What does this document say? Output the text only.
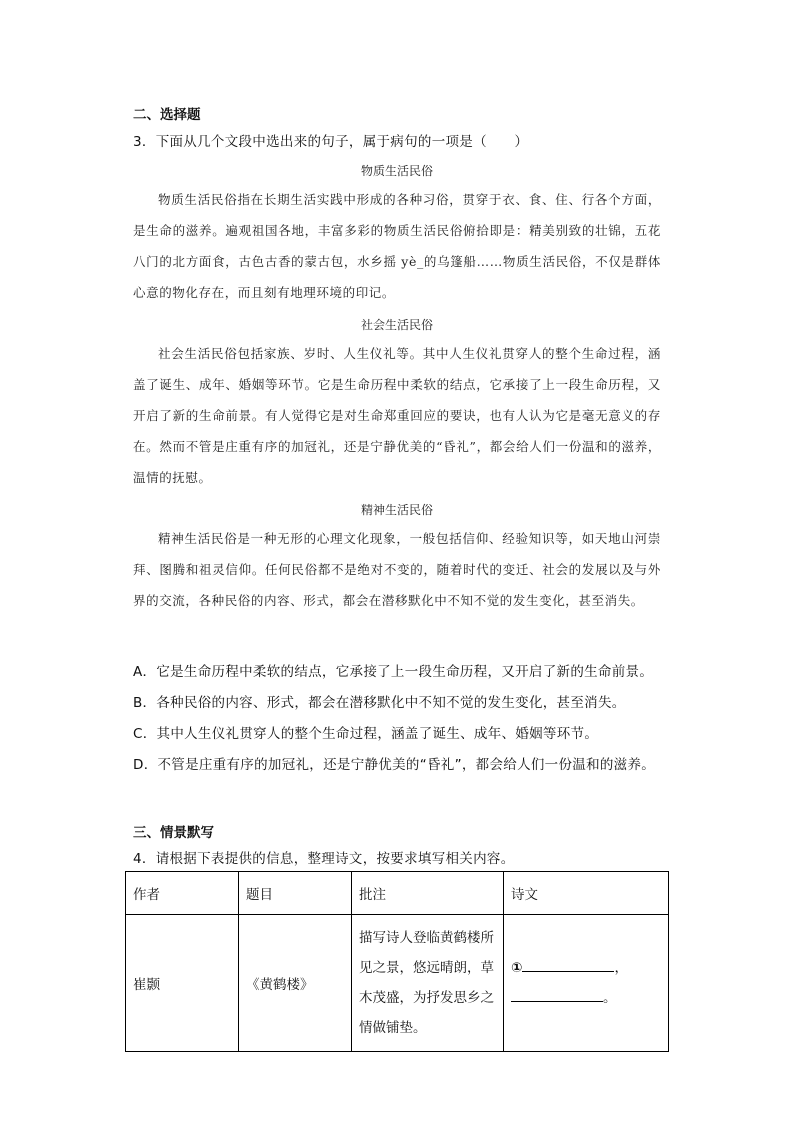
二、选择题
3．下面从几个文段中选出来的句子，属于病句的一项是（　　）
物质生活民俗
物质生活民俗指在长期生活实践中形成的各种习俗，贯穿于衣、食、住、行各个方面，是生命的滋养。遍观祖国各地，丰富多彩的物质生活民俗俯拾即是：精美别致的壮锦，五花八门的北方面食，古色古香的蒙古包，水乡摇 yè_的乌篷船……物质生活民俗，不仅是群体心意的物化存在，而且刻有地理环境的印记。
社会生活民俗
社会生活民俗包括家族、岁时、人生仪礼等。其中人生仪礼贯穿人的整个生命过程，涵盖了诞生、成年、婚姻等环节。它是生命历程中柔软的结点，它承接了上一段生命历程，又开启了新的生命前景。有人觉得它是对生命郑重回应的要诀，也有人认为它是毫无意义的存在。然而不管是庄重有序的加冠礼，还是宁静优美的“昏礼”，都会给人们一份温和的滋养，温情的抚慰。
精神生活民俗
精神生活民俗是一种无形的心理文化现象，一般包括信仰、经验知识等，如天地山河崇拜、图腾和祖灵信仰。任何民俗都不是绝对不变的，随着时代的变迁、社会的发展以及与外界的交流，各种民俗的内容、形式，都会在潜移默化中不知不觉的发生变化，甚至消失。
A．它是生命历程中柔软的结点，它承接了上一段生命历程，又开启了新的生命前景。
B．各种民俗的内容、形式，都会在潜移默化中不知不觉的发生变化，甚至消失。
C．其中人生仪礼贯穿人的整个生命过程，涵盖了诞生、成年、婚姻等环节。
D．不管是庄重有序的加冠礼，还是宁静优美的“昏礼”，都会给人们一份温和的滋养。
三、情景默写
4．请根据下表提供的信息，整理诗文，按要求填写相关内容。
作者	题目	批注	诗文
崔颢	《黄鹤楼》	描写诗人登临黄鹤楼所见之景，悠远晴朗，草木茂盛，为抒发思乡之情做铺垫。	① ，
。
